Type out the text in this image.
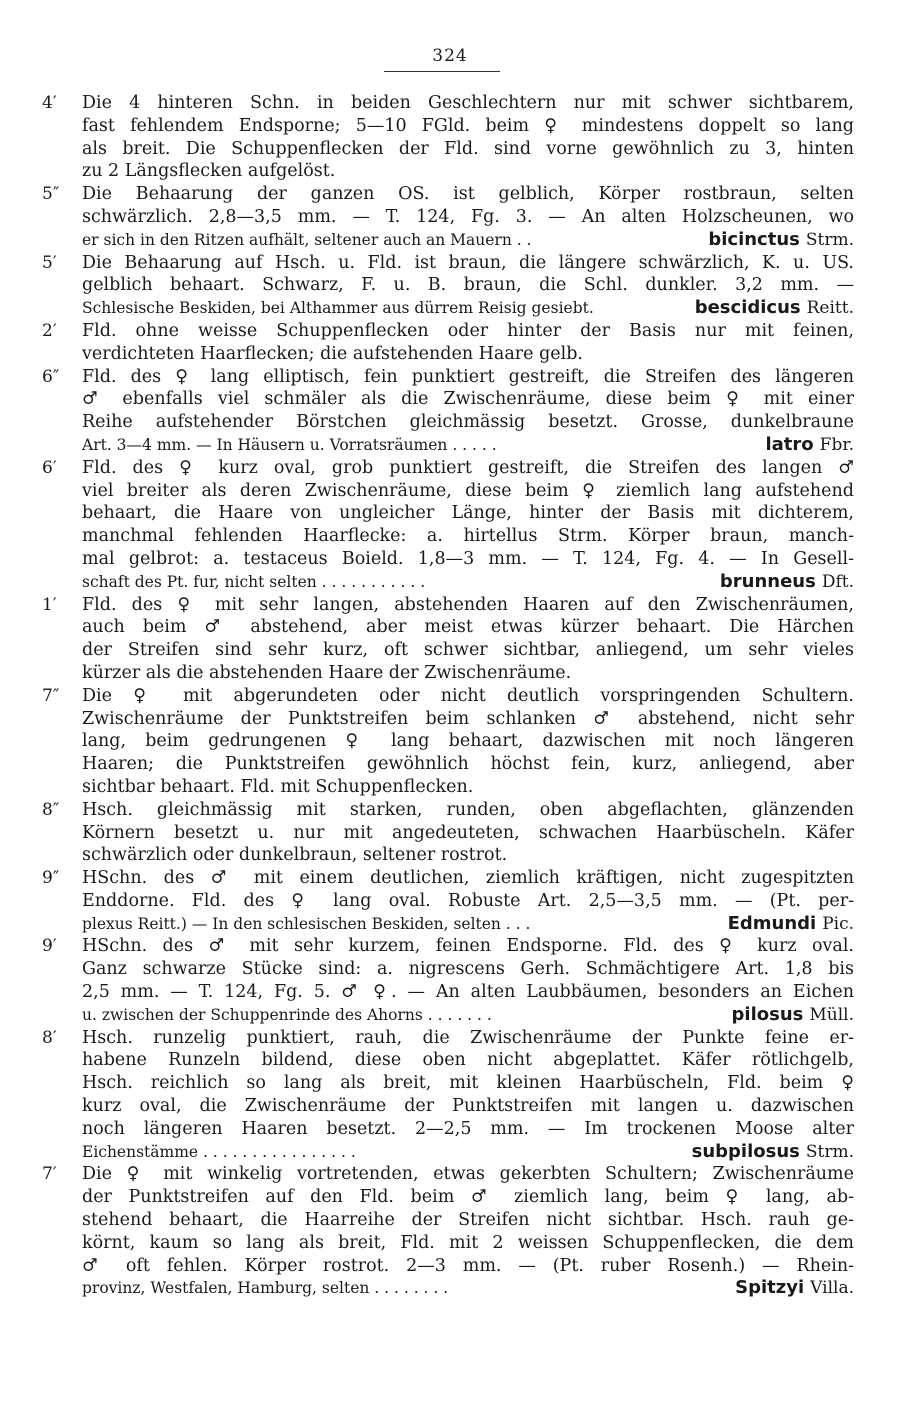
324
4′ Die 4 hinteren Schn. in beiden Geschlechtern nur mit schwer sichtbarem,
fast fehlendem Endsporne; 5—10 FGld. beim ♀ mindestens doppelt so lang
als breit. Die Schuppenflecken der Fld. sind vorne gewöhnlich zu 3, hinten
zu 2 Längsflecken aufgelöst.
5″ Die Behaarung der ganzen OS. ist gelblich, Körper rostbraun, selten
schwärzlich. 2,8—3,5 mm. — T. 124, Fg. 3. — An alten Holzscheunen, wo
er sich in den Ritzen aufhält, seltener auch an Mauern . .	bicinctus Strm.
5′ Die Behaarung auf Hsch. u. Fld. ist braun, die längere schwärzlich, K. u. US.
gelblich behaart. Schwarz, F. u. B. braun, die Schl. dunkler. 3,2 mm. —
Schlesische Beskiden, bei Althammer aus dürrem Reisig gesiebt.	bescidicus Reitt.
2′ Fld. ohne weisse Schuppenflecken oder hinter der Basis nur mit feinen,
verdichteten Haarflecken; die aufstehenden Haare gelb.
6″ Fld. des ♀ lang elliptisch, fein punktiert gestreift, die Streifen des längeren
♂ ebenfalls viel schmäler als die Zwischenräume, diese beim ♀ mit einer
Reihe aufstehender Börstchen gleichmässig besetzt. Grosse, dunkelbraune
Art. 3—4 mm. — In Häusern u. Vorratsräumen . . . . .	latro Fbr.
6′ Fld. des ♀ kurz oval, grob punktiert gestreift, die Streifen des langen ♂
viel breiter als deren Zwischenräume, diese beim ♀ ziemlich lang aufstehend
behaart, die Haare von ungleicher Länge, hinter der Basis mit dichterem,
manchmal fehlenden Haarflecke: a. hirtellus Strm. Körper braun, manch-
mal gelbrot: a. testaceus Boield. 1,8—3 mm. — T. 124, Fg. 4. — In Gesell-
schaft des Pt. fur, nicht selten . . . . . . . . . . .	brunneus Dft.
1′ Fld. des ♀ mit sehr langen, abstehenden Haaren auf den Zwischenräumen,
auch beim ♂ abstehend, aber meist etwas kürzer behaart. Die Härchen
der Streifen sind sehr kurz, oft schwer sichtbar, anliegend, um sehr vieles
kürzer als die abstehenden Haare der Zwischenräume.
7″ Die ♀ mit abgerundeten oder nicht deutlich vorspringenden Schultern.
Zwischenräume der Punktstreifen beim schlanken ♂ abstehend, nicht sehr
lang, beim gedrungenen ♀ lang behaart, dazwischen mit noch längeren
Haaren; die Punktstreifen gewöhnlich höchst fein, kurz, anliegend, aber
sichtbar behaart. Fld. mit Schuppenflecken.
8″ Hsch. gleichmässig mit starken, runden, oben abgeflachten, glänzenden
Körnern besetzt u. nur mit angedeuteten, schwachen Haarbüscheln. Käfer
schwärzlich oder dunkelbraun, seltener rostrot.
9″ HSchn. des ♂ mit einem deutlichen, ziemlich kräftigen, nicht zugespitzten
Enddorne. Fld. des ♀ lang oval. Robuste Art. 2,5—3,5 mm. — (Pt. per-
plexus Reitt.) — In den schlesischen Beskiden, selten . . .	Edmundi Pic.
9′ HSchn. des ♂ mit sehr kurzem, feinen Endsporne. Fld. des ♀ kurz oval.
Ganz schwarze Stücke sind: a. nigrescens Gerh. Schmächtigere Art. 1,8 bis
2,5 mm. — T. 124, Fg. 5. ♂ ♀. — An alten Laubbäumen, besonders an Eichen
u. zwischen der Schuppenrinde des Ahorns . . . . . . .	pilosus Müll.
8′ Hsch. runzelig punktiert, rauh, die Zwischenräume der Punkte feine er-
habene Runzeln bildend, diese oben nicht abgeplattet. Käfer rötlichgelb,
Hsch. reichlich so lang als breit, mit kleinen Haarbüscheln, Fld. beim ♀
kurz oval, die Zwischenräume der Punktstreifen mit langen u. dazwischen
noch längeren Haaren besetzt. 2—2,5 mm. — Im trockenen Moose alter
Eichenstämme . . . . . . . . . . . . . . . .	subpilosus Strm.
7′ Die ♀ mit winkelig vortretenden, etwas gekerbten Schultern; Zwischenräume
der Punktstreifen auf den Fld. beim ♂ ziemlich lang, beim ♀ lang, ab-
stehend behaart, die Haarreihe der Streifen nicht sichtbar. Hsch. rauh ge-
körnt, kaum so lang als breit, Fld. mit 2 weissen Schuppenflecken, die dem
♂ oft fehlen. Körper rostrot. 2—3 mm. — (Pt. ruber Rosenh.) — Rhein-
provinz, Westfalen, Hamburg, selten . . . . . . . .	Spitzyi Villa.
